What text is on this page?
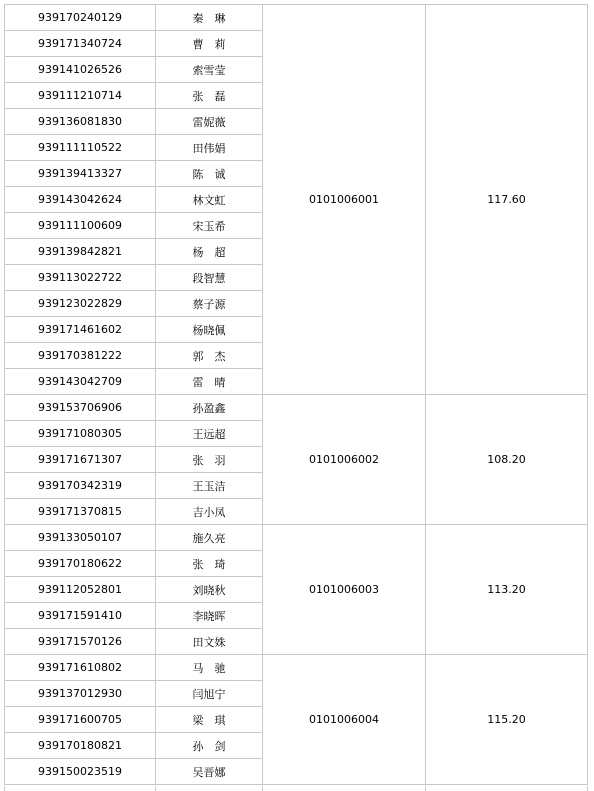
939170240129	秦　琳	0101006001	117.60
939171340724	曹　莉		
939141026526	索雪莹		
939111210714	张　磊		
939136081830	雷妮薇		
939111110522	田伟娟		
939139413327	陈　诚		
939143042624	林文虹		
939111100609	宋玉希		
939139842821	杨　超		
939113022722	段智慧		
939123022829	蔡子源		
939171461602	杨晓佩		
939170381222	郭　杰		
939143042709	雷　晴		
939153706906	孙盈鑫	0101006002	108.20
939171080305	王远超		
939171671307	张　羽		
939170342319	王玉洁		
939171370815	吉小凤		
939133050107	施久亮	0101006003	113.20
939170180622	张　琦		
939112052801	刘晓秋		
939171591410	李晓晖		
939171570126	田文姝		
939171610802	马　驰	0101006004	115.20
939137012930	闫旭宁		
939171600705	梁　琪		
939170180821	孙　剑		
939150023519	吴晋娜		
